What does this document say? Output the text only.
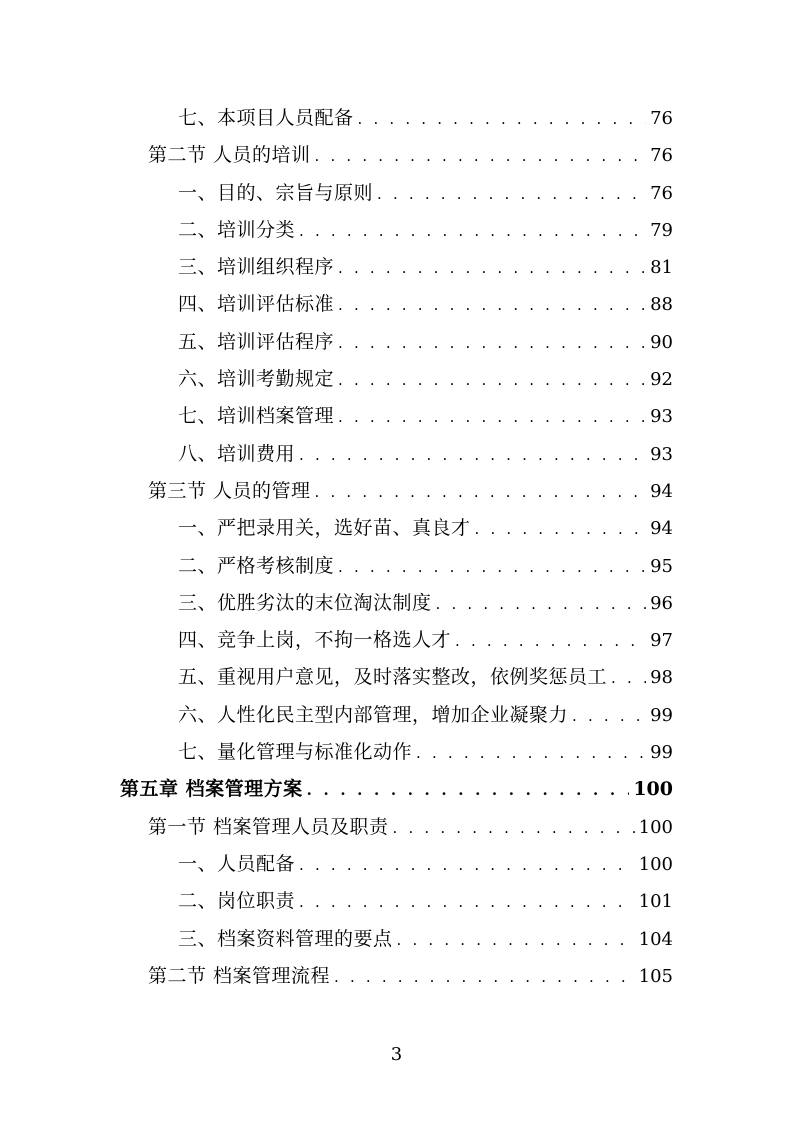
七、本项目人员配备 . . .	76
第二节 人员的培训 . . .	76
一、目的、宗旨与原则 . . .	76
二、培训分类 . . .	79
三、培训组织程序 . . .	81
四、培训评估标准 . . .	88
五、培训评估程序 . . .	90
六、培训考勤规定 . . .	92
七、培训档案管理 . . .	93
八、培训费用 . . .	93
第三节 人员的管理 . . .	94
一、严把录用关，选好苗、真良才 . . .	94
二、严格考核制度 . . .	95
三、优胜劣汰的末位淘汰制度 . . .	96
四、竞争上岗，不拘一格选人才 . . .	97
五、重视用户意见，及时落实整改，依例奖惩员工 . . . 98
六、人性化民主型内部管理，增加企业凝聚力 . . .	99
七、量化管理与标准化动作 . . .	99
第五章 档案管理方案 . . .	100
第一节 档案管理人员及职责 . . .	100
一、人员配备 . . .	100
二、岗位职责 . . .	101
三、档案资料管理的要点 . . .	104
第二节 档案管理流程 . . .	105
3
